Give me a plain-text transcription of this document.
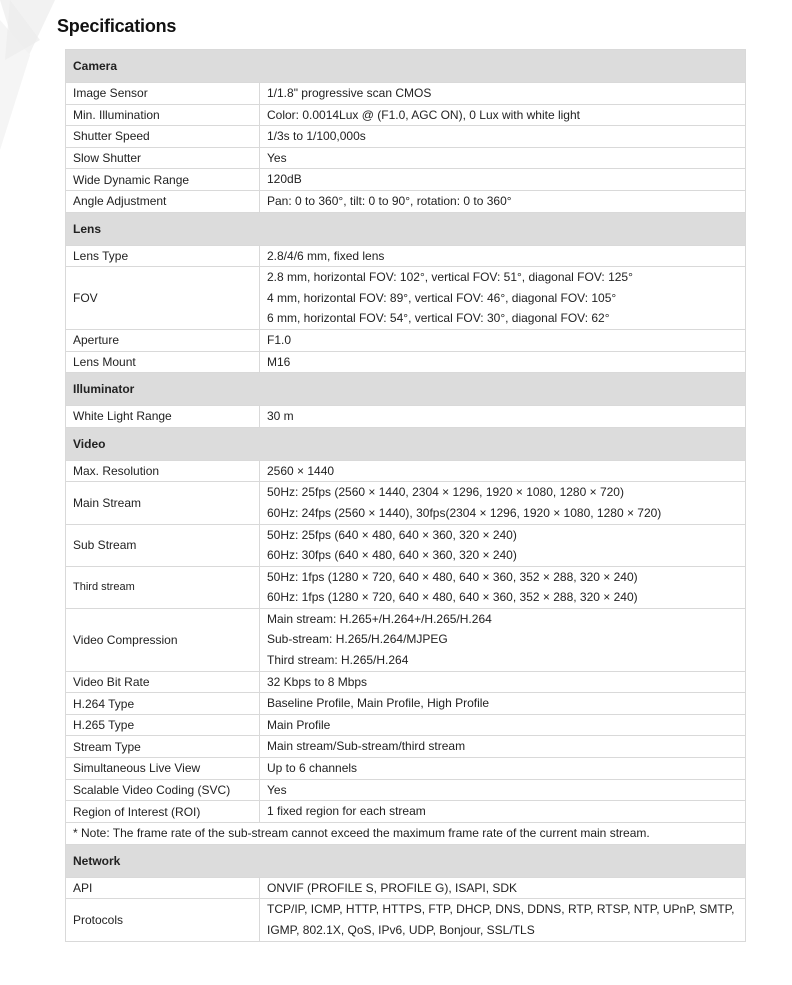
Specifications
Camera	
Image Sensor	1/1.8" progressive scan CMOS

Min. Illumination	Color: 0.0014Lux @ (F1.0, AGC ON), 0 Lux with white light

Shutter Speed	1/3s to 1/100,000s

Slow Shutter	Yes

Wide Dynamic Range	120dB

Angle Adjustment	Pan: 0 to 360°, tilt: 0 to 90°, rotation: 0 to 360°

Lens	
Lens Type	2.8/4/6 mm, fixed lens

FOV	2.8 mm, horizontal FOV: 102°, vertical FOV: 51°, diagonal FOV: 125°
4 mm, horizontal FOV: 89°, vertical FOV: 46°, diagonal FOV: 105°
6 mm, horizontal FOV: 54°, vertical FOV: 30°, diagonal FOV: 62°

Aperture	F1.0

Lens Mount	M16

Illuminator	
White Light Range	30 m

Video	
Max. Resolution	2560 × 1440

Main Stream	50Hz: 25fps (2560 × 1440, 2304 × 1296, 1920 × 1080, 1280 × 720)
60Hz: 24fps (2560 × 1440), 30fps(2304 × 1296, 1920 × 1080, 1280 × 720)

Sub Stream	50Hz: 25fps (640 × 480, 640 × 360, 320 × 240)
60Hz: 30fps (640 × 480, 640 × 360, 320 × 240)

Third stream	50Hz: 1fps (1280 × 720, 640 × 480, 640 × 360, 352 × 288, 320 × 240)
60Hz: 1fps (1280 × 720, 640 × 480, 640 × 360, 352 × 288, 320 × 240)

Video Compression	Main stream: H.265+/H.264+/H.265/H.264
Sub-stream: H.265/H.264/MJPEG
Third stream: H.265/H.264

Video Bit Rate	32 Kbps to 8 Mbps

H.264 Type	Baseline Profile, Main Profile, High Profile

H.265 Type	Main Profile

Stream Type	Main stream/Sub-stream/third stream

Simultaneous Live View	Up to 6 channels

Scalable Video Coding (SVC)	Yes

Region of Interest (ROI)	1 fixed region for each stream

* Note: The frame rate of the sub-stream cannot exceed the maximum frame rate of the current main stream.	
Network	
API	ONVIF (PROFILE S, PROFILE G), ISAPI, SDK

Protocols	TCP/IP, ICMP, HTTP, HTTPS, FTP, DHCP, DNS, DDNS, RTP, RTSP, NTP, UPnP, SMTP,
IGMP, 802.1X, QoS, IPv6, UDP, Bonjour, SSL/TLS
